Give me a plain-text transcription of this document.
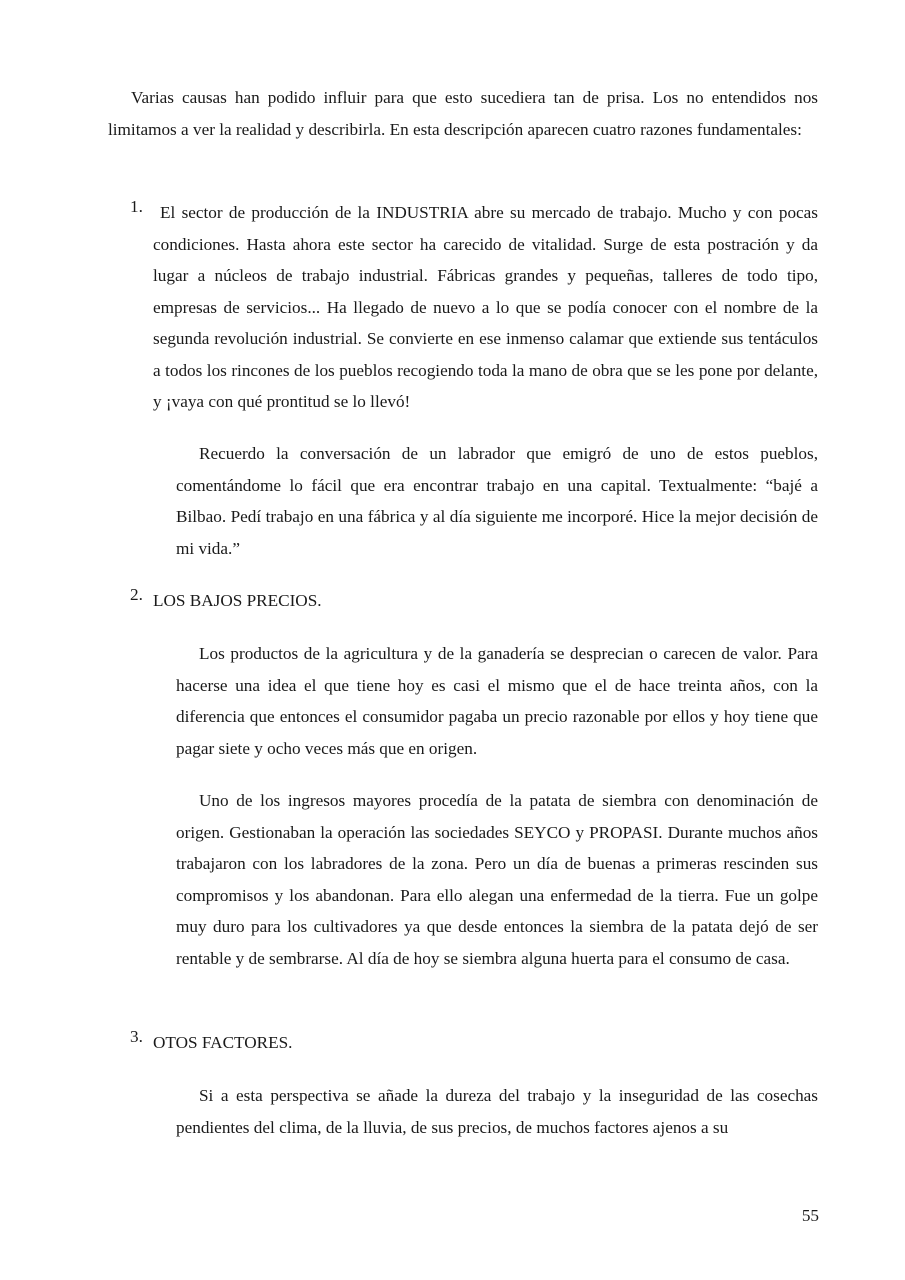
Varias causas han podido influir para que esto sucediera tan de prisa. Los no entendidos nos limitamos a ver la realidad y describirla. En esta descripción aparecen cuatro razones fundamentales:

1. El sector de producción de la INDUSTRIA abre su mercado de trabajo. Mucho y con pocas condiciones. Hasta ahora este sector ha carecido de vitalidad. Surge de esta postración y da lugar a núcleos de trabajo industrial. Fábricas grandes y pequeñas, talleres de todo tipo, empresas de servicios... Ha llegado de nuevo a lo que se podía conocer con el nombre de la segunda revolución industrial. Se convierte en ese inmenso calamar que extiende sus tentáculos a todos los rincones de los pueblos recogiendo toda la mano de obra que se les pone por delante, y ¡vaya con qué prontitud se lo llevó!

Recuerdo la conversación de un labrador que emigró de uno de estos pueblos, comentándome lo fácil que era encontrar trabajo en una capital. Textualmente: “bajé a Bilbao. Pedí trabajo en una fábrica y al día siguiente me incorporé. Hice la mejor decisión de mi vida.”

2. LOS BAJOS PRECIOS.

Los productos de la agricultura y de la ganadería se desprecian o carecen de valor. Para hacerse una idea el que tiene hoy es casi el mismo que el de hace treinta años, con la diferencia que entonces el consumidor pagaba un precio razonable por ellos y hoy tiene que pagar siete y ocho veces más que en origen.

Uno de los ingresos mayores procedía de la patata de siembra con denominación de origen. Gestionaban la operación las sociedades SEYCO y PROPASI. Durante muchos años trabajaron con los labradores de la zona. Pero un día de buenas a primeras rescinden sus compromisos y los abandonan. Para ello alegan una enfermedad de la tierra. Fue un golpe muy duro para los cultivadores ya que desde entonces la siembra de la patata dejó de ser rentable y de sembrarse. Al día de hoy se siembra alguna huerta para el consumo de casa.

3. OTOS FACTORES.

Si a esta perspectiva se añade la dureza del trabajo y la inseguridad de las cosechas pendientes del clima, de la lluvia, de sus precios, de muchos factores ajenos a su

55
